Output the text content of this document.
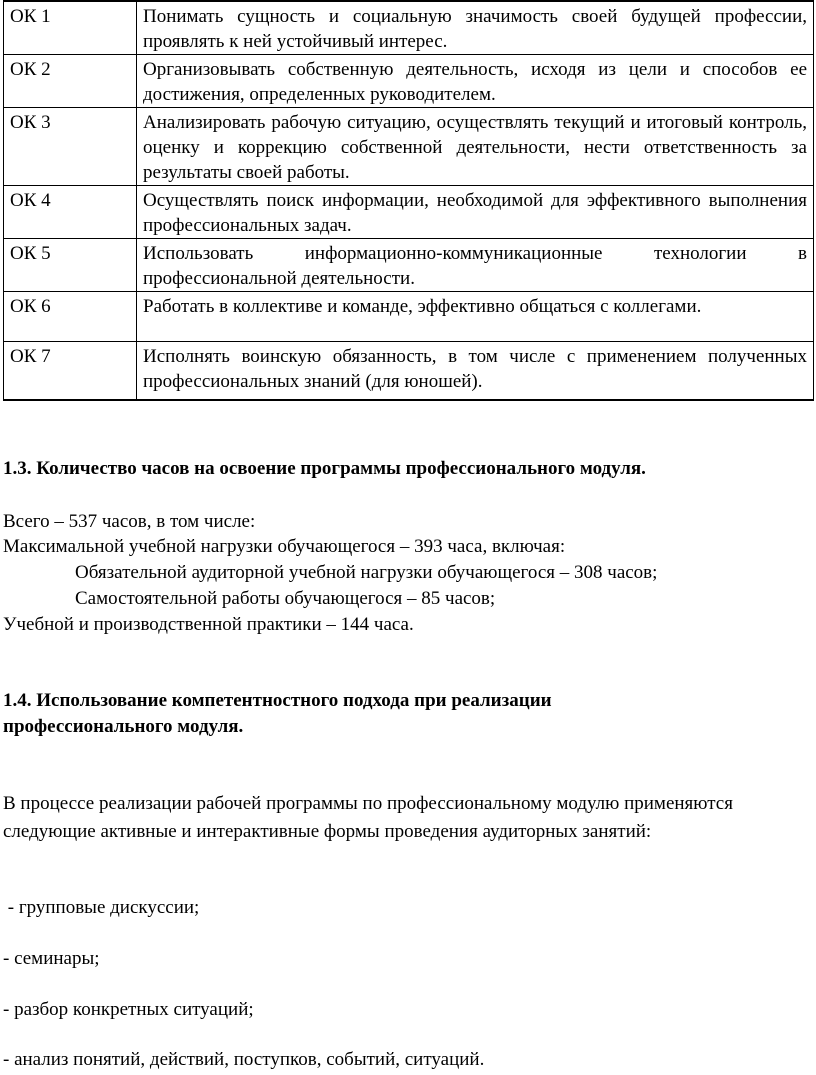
ОК 1	Понимать сущность и социальную значимость своей будущей профессии, проявлять к ней устойчивый интерес.
ОК 2	Организовывать собственную деятельность, исходя из цели и способов ее достижения, определенных руководителем.
ОК 3	Анализировать рабочую ситуацию, осуществлять текущий и итоговый контроль, оценку и коррекцию собственной деятельности, нести ответственность за результаты своей работы.
ОК 4	Осуществлять поиск информации, необходимой для эффективного выполнения профессиональных задач.
ОК 5	Использовать информационно-коммуникационные технологии в профессиональной деятельности.
ОК 6	Работать в коллективе и команде, эффективно общаться с коллегами.
ОК 7	Исполнять воинскую обязанность, в том числе с применением полученных профессиональных знаний (для юношей).
1.3. Количество часов на освоение программы профессионального модуля.
Всего – 537 часов, в том числе:
Максимальной учебной нагрузки обучающегося – 393 часа, включая:
Обязательной аудиторной учебной нагрузки обучающегося – 308 часов;
Самостоятельной работы обучающегося – 85 часов;
Учебной и производственной практики – 144 часа.
1.4. Использование компетентностного подхода при реализации
профессионального модуля.
В процессе реализации рабочей программы по профессиональному модулю применяются следующие активные и интерактивные формы проведения аудиторных занятий:
- групповые дискуссии;
- семинары;
- разбор конкретных ситуаций;
- анализ понятий, действий, поступков, событий, ситуаций.
